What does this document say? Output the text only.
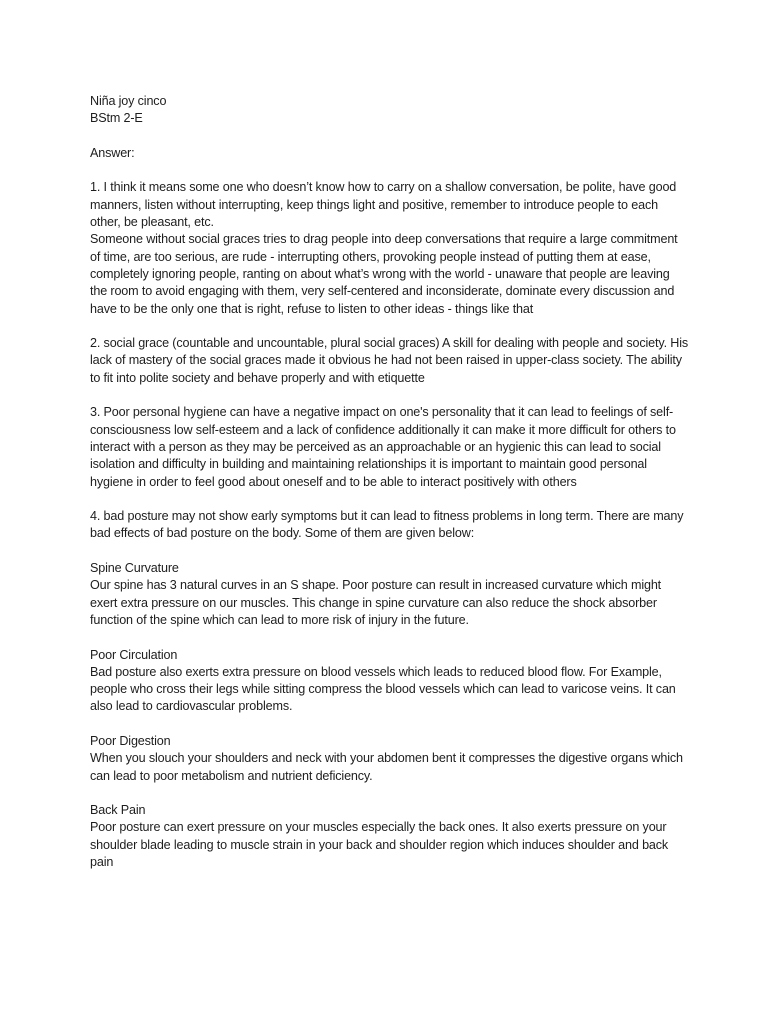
Niña joy cinco

BStm 2-E

Answer:

1. I think it means some one who doesn’t know how to carry on a shallow conversation, be polite, have good manners, listen without interrupting, keep things light and positive, remember to introduce people to each other, be pleasant, etc.

Someone without social graces tries to drag people into deep conversations that require a large commitment of time, are too serious, are rude - interrupting others, provoking people instead of putting them at ease, completely ignoring people, ranting on about what’s wrong with the world - unaware that people are leaving the room to avoid engaging with them, very self-centered and inconsiderate, dominate every discussion and have to be the only one that is right, refuse to listen to other ideas - things like that

2. social grace (countable and uncountable, plural social graces) A skill for dealing with people and society. His lack of mastery of the social graces made it obvious he had not been raised in upper-class society. The ability to fit into polite society and behave properly and with etiquette

3. Poor personal hygiene can have a negative impact on one's personality that it can lead to feelings of self-consciousness low self-esteem and a lack of confidence additionally it can make it more difficult for others to interact with a person as they may be perceived as an approachable or an hygienic this can lead to social isolation and difficulty in building and maintaining relationships it is important to maintain good personal hygiene in order to feel good about oneself and to be able to interact positively with others

4. bad posture may not show early symptoms but it can lead to fitness problems in long term. There are many bad effects of bad posture on the body. Some of them are given below:

Spine Curvature

Our spine has 3 natural curves in an S shape. Poor posture can result in increased curvature which might exert extra pressure on our muscles. This change in spine curvature can also reduce the shock absorber function of the spine which can lead to more risk of injury in the future.

Poor Circulation

Bad posture also exerts extra pressure on blood vessels which leads to reduced blood flow. For Example, people who cross their legs while sitting compress the blood vessels which can lead to varicose veins. It can also lead to cardiovascular problems.

Poor Digestion

When you slouch your shoulders and neck with your abdomen bent it compresses the digestive organs which can lead to poor metabolism and nutrient deficiency.

Back Pain

Poor posture can exert pressure on your muscles especially the back ones. It also exerts pressure on your shoulder blade leading to muscle strain in your back and shoulder region which induces shoulder and back pain
